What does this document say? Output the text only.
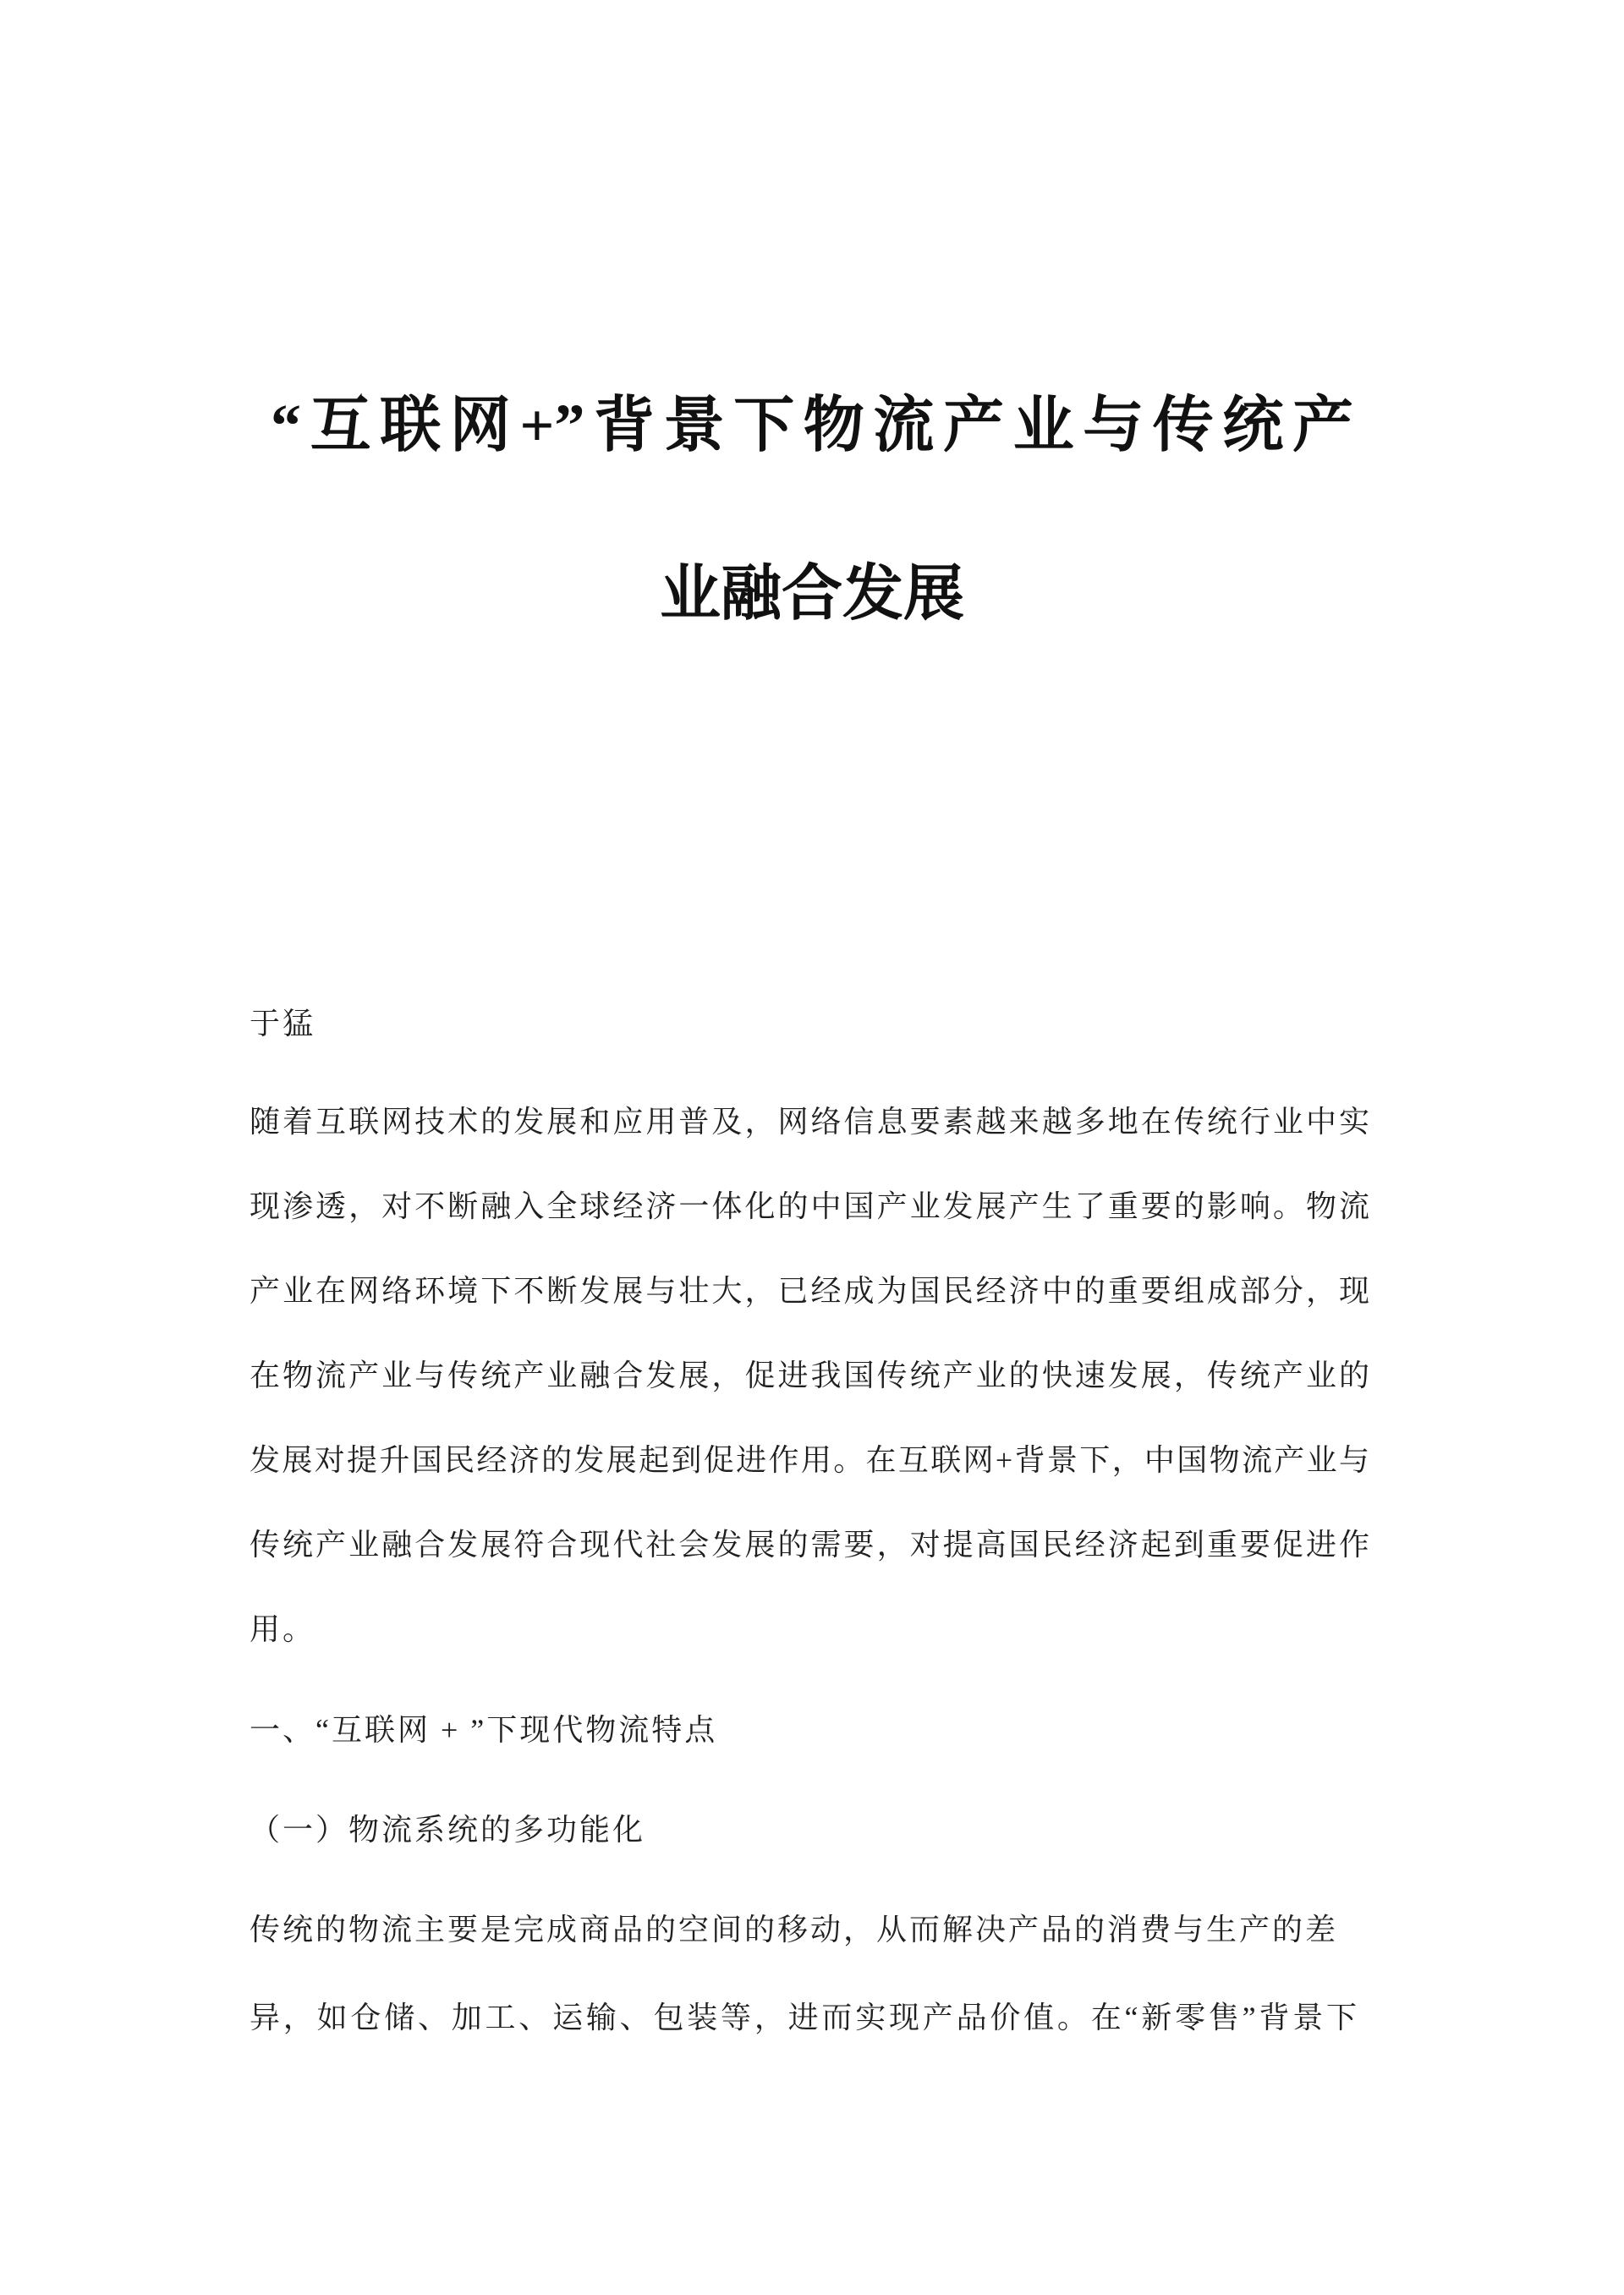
“互联网+”背景下物流产业与传统产
业融合发展
于猛
随着互联网技术的发展和应用普及，网络信息要素越来越多地在传统行业中实
现渗透，对不断融入全球经济一体化的中国产业发展产生了重要的影响。物流
产业在网络环境下不断发展与壮大，已经成为国民经济中的重要组成部分，现
在物流产业与传统产业融合发展，促进我国传统产业的快速发展，传统产业的
发展对提升国民经济的发展起到促进作用。在互联网+背景下，中国物流产业与
传统产业融合发展符合现代社会发展的需要，对提高国民经济起到重要促进作
用。
一、“互联网 + ”下现代物流特点
（一）物流系统的多功能化
传统的物流主要是完成商品的空间的移动，从而解决产品的消费与生产的差
异，如仓储、加工、运输、包装等，进而实现产品价值。在“新零售”背景下
